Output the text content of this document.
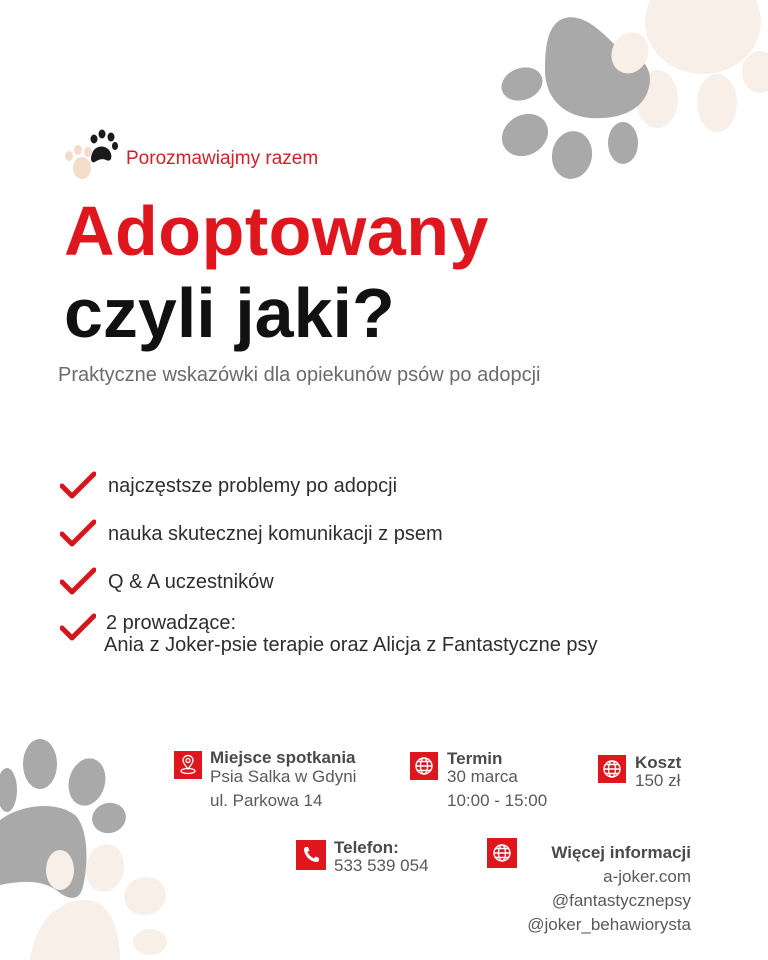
Porozmawiajmy razem
Adoptowany
czyli jaki?
Praktyczne wskazówki dla opiekunów psów po adopcji
najczęstsze problemy po adopcji
nauka skutecznej komunikacji z psem
Q & A uczestników
2 prowadzące:
Ania z Joker-psie terapie oraz Alicja z Fantastyczne psy
Miejsce spotkania
Psia Salka w Gdyni
ul. Parkowa 14
Termin
30 marca
10:00 - 15:00
Koszt
150 zł
Telefon:
533 539 054
Więcej informacji
a-joker.com
@fantastycznepsy
@joker_behawiorysta
